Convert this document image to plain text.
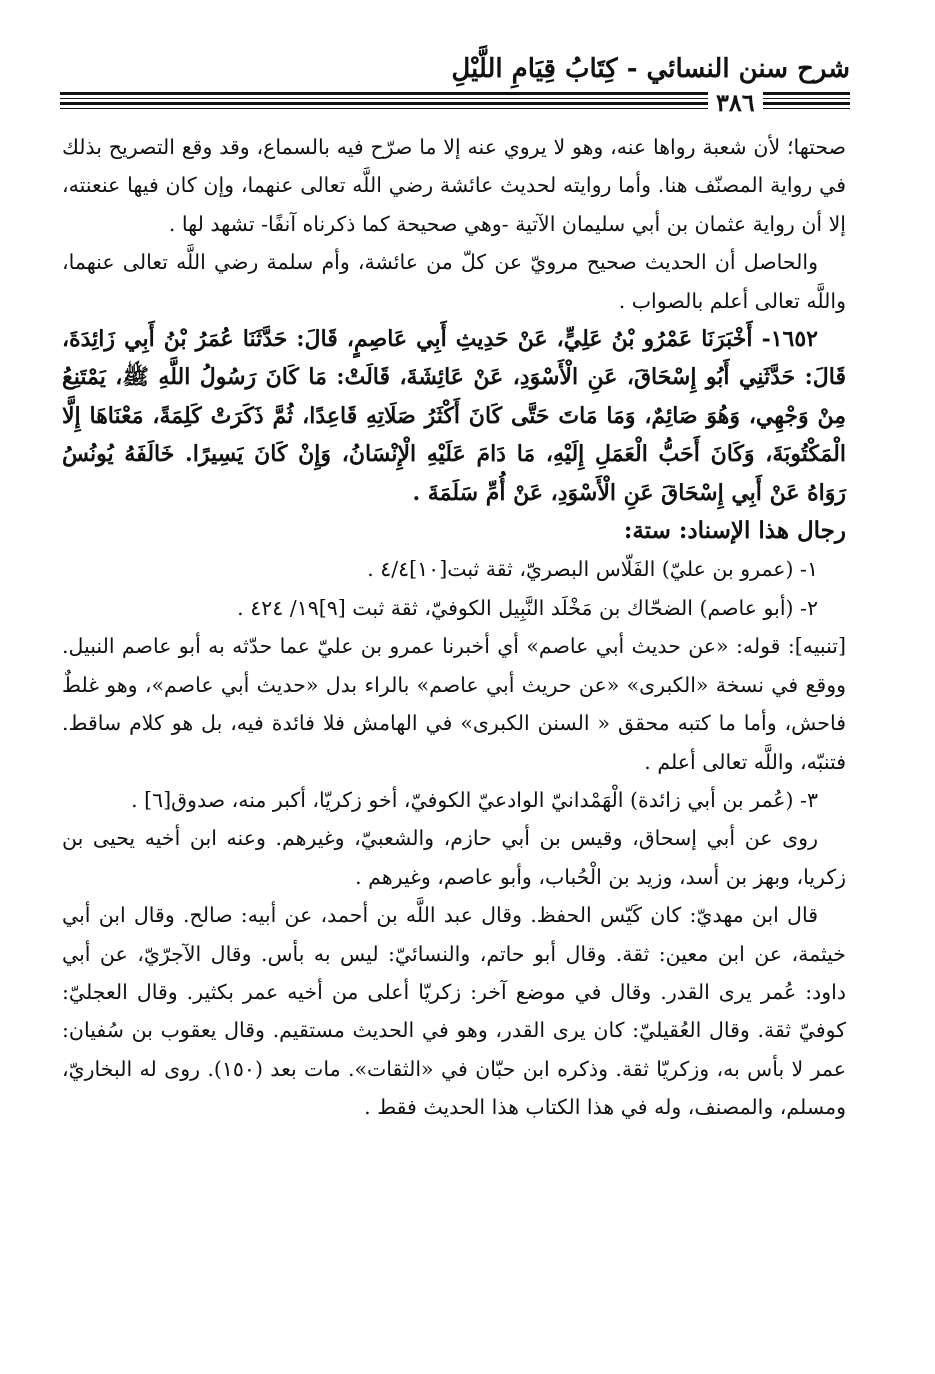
شرح سنن النسائي - كِتَابُ قِيَامِ اللَّيْلِ
٣٨٦

صحتها؛ لأن شعبة رواها عنه، وهو لا يروي عنه إلا ما صرّح فيه بالسماع، وقد وقع التصريح بذلك في رواية المصنّف هنا. وأما روايته لحديث عائشة رضي اللَّه تعالى عنهما، وإن كان فيها عنعنته، إلا أن رواية عثمان بن أبي سليمان الآتية -وهي صحيحة كما ذكرناه آنفًا- تشهد لها .

والحاصل أن الحديث صحيح مرويّ عن كلّ من عائشة، وأم سلمة رضي اللَّه تعالى عنهما، واللَّه تعالى أعلم بالصواب .

١٦٥٢- أَخْبَرَنَا عَمْرُو بْنُ عَلِيٍّ، عَنْ حَدِيثِ أَبِي عَاصِمٍ، قَالَ: حَدَّثَنَا عُمَرُ بْنُ أَبِي زَائِدَةَ، قَالَ: حَدَّثَنِي أَبُو إِسْحَاقَ، عَنِ الْأَسْوَدِ، عَنْ عَائِشَةَ، قَالَتْ: مَا كَانَ رَسُولُ اللَّهِ ﷺ، يَمْتَنِعُ مِنْ وَجْهِي، وَهُوَ صَائِمٌ، وَمَا مَاتَ حَتَّى كَانَ أَكْثَرُ صَلَاتِهِ قَاعِدًا، ثُمَّ ذَكَرَتْ كَلِمَةً، مَعْنَاهَا إِلَّا الْمَكْتُوبَةَ، وَكَانَ أَحَبُّ الْعَمَلِ إِلَيْهِ، مَا دَامَ عَلَيْهِ الْإِنْسَانُ، وَإِنْ كَانَ يَسِيرًا. خَالَفَهُ يُونُسُ رَوَاهُ عَنْ أَبِي إِسْحَاقَ عَنِ الْأَسْوَدِ، عَنْ أُمِّ سَلَمَةَ .

رجال هذا الإسناد: ستة:

١- (عمرو بن عليّ) الفَلّاس البصريّ، ثقة ثبت[١٠]٤/٤ .

٢- (أبو عاصم) الضحّاك بن مَخْلَد النَّبِيل الكوفيّ، ثقة ثبت [٩]١٩/ ٤٢٤ .

[تنبيه]: قوله: «عن حديث أبي عاصم» أي أخبرنا عمرو بن عليّ عما حدّثه به أبو عاصم النبيل. ووقع في نسخة «الكبرى» «عن حريث أبي عاصم» بالراء بدل «حديث أبي عاصم»، وهو غلطٌ فاحش، وأما ما كتبه محقق « السنن الكبرى» في الهامش فلا فائدة فيه، بل هو كلام ساقط. فتنبّه، واللَّه تعالى أعلم .

٣- (عُمر بن أبي زائدة) الْهَمْدانيّ الوادعيّ الكوفيّ، أخو زكريّا، أكبر منه، صدوق[٦] .

روى عن أبي إسحاق، وقيس بن أبي حازم، والشعبيّ، وغيرهم. وعنه ابن أخيه يحيى بن زكريا، وبهز بن أسد، وزيد بن الْحُباب، وأبو عاصم، وغيرهم .

قال ابن مهديّ: كان كَيّس الحفظ. وقال عبد اللَّه بن أحمد، عن أبيه: صالح. وقال ابن أبي خيثمة، عن ابن معين: ثقة. وقال أبو حاتم، والنسائيّ: ليس به بأس. وقال الآجرّيّ، عن أبي داود: عُمر يرى القدر. وقال في موضع آخر: زكريّا أعلى من أخيه عمر بكثير. وقال العجليّ: كوفيّ ثقة. وقال العُقيليّ: كان يرى القدر، وهو في الحديث مستقيم. وقال يعقوب بن سُفيان: عمر لا بأس به، وزكريّا ثقة. وذكره ابن حبّان في «الثقات». مات بعد (١٥٠). روى له البخاريّ، ومسلم، والمصنف، وله في هذا الكتاب هذا الحديث فقط .
